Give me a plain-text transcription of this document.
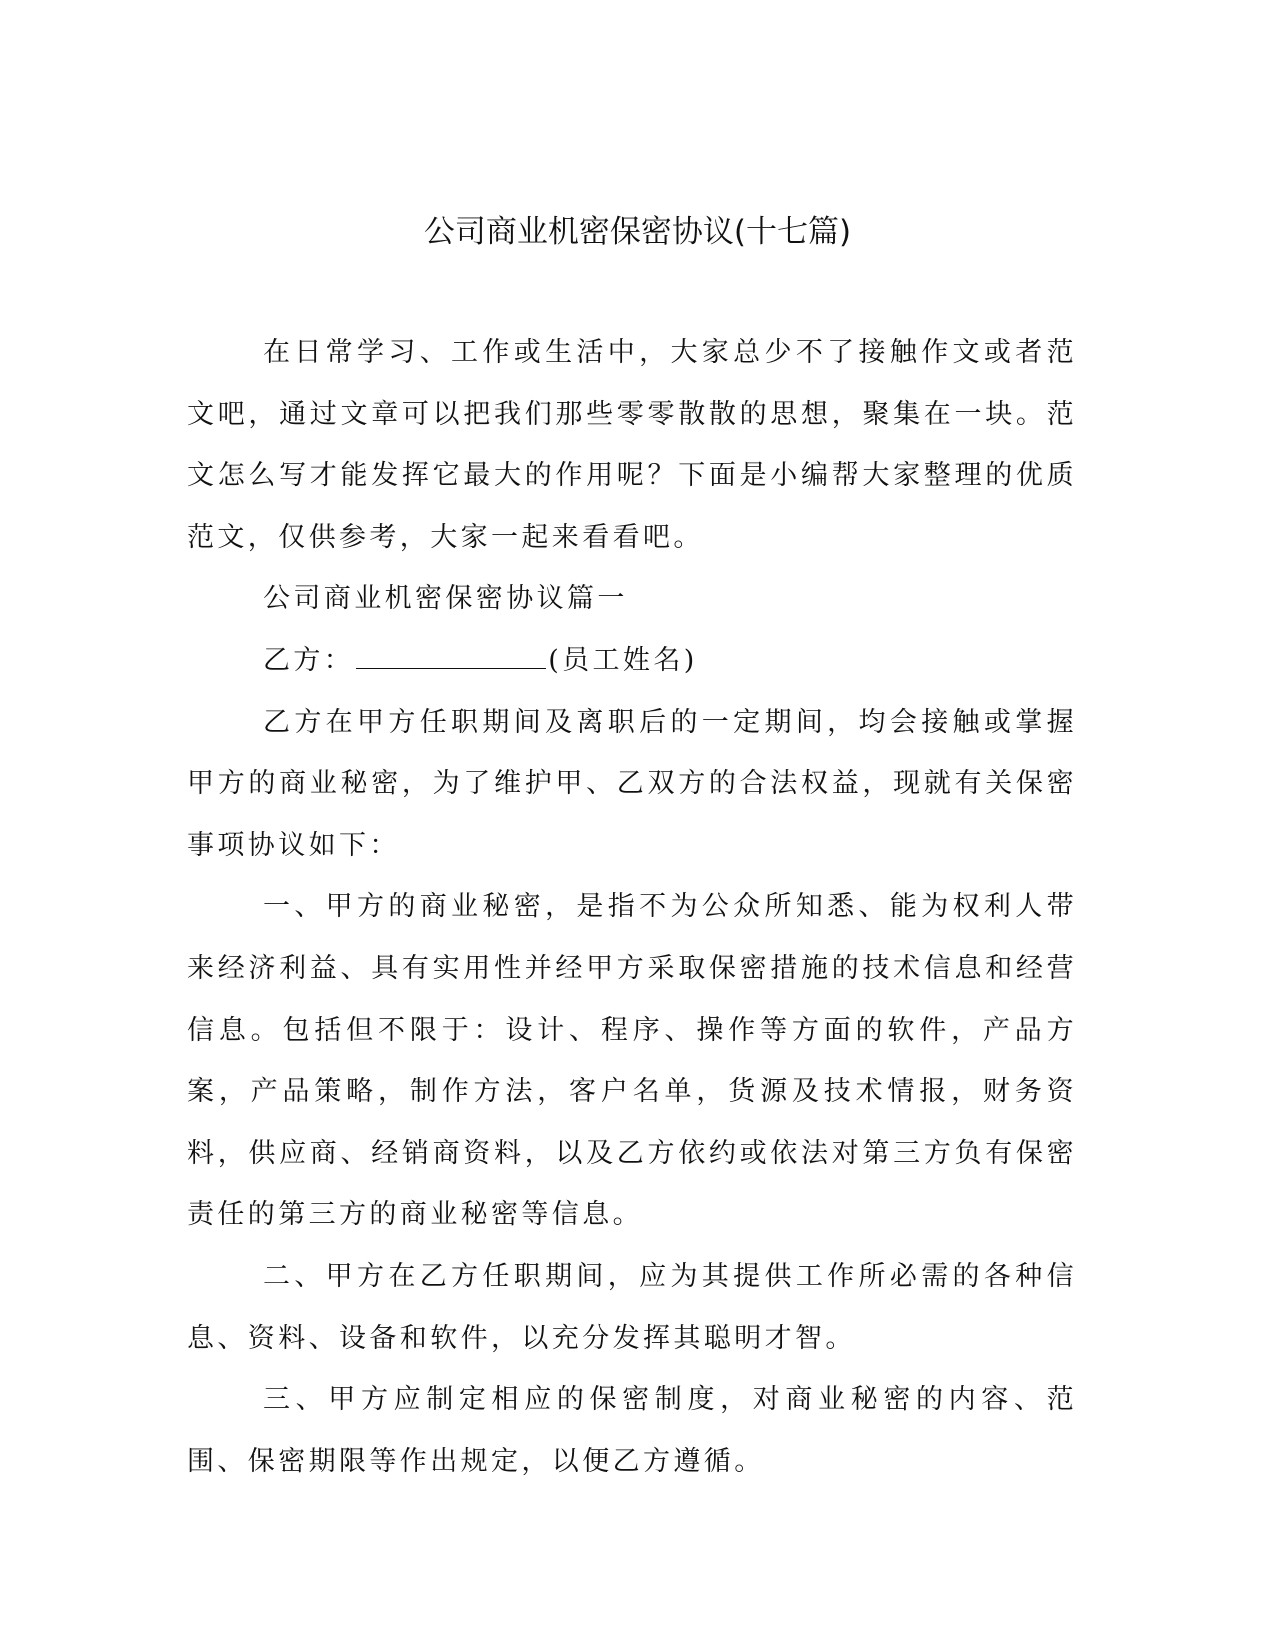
公司商业机密保密协议(十七篇)

在日常学习、工作或生活中，大家总少不了接触作文或者范文吧，通过文章可以把我们那些零零散散的思想，聚集在一块。范文怎么写才能发挥它最大的作用呢？下面是小编帮大家整理的优质范文，仅供参考，大家一起来看看吧。

公司商业机密保密协议篇一

乙方：	(员工姓名)

乙方在甲方任职期间及离职后的一定期间，均会接触或掌握甲方的商业秘密，为了维护甲、乙双方的合法权益，现就有关保密事项协议如下：

一、甲方的商业秘密，是指不为公众所知悉、能为权利人带来经济利益、具有实用性并经甲方采取保密措施的技术信息和经营信息。包括但不限于：设计、程序、操作等方面的软件，产品方案，产品策略，制作方法，客户名单，货源及技术情报，财务资料，供应商、经销商资料，以及乙方依约或依法对第三方负有保密责任的第三方的商业秘密等信息。

二、甲方在乙方任职期间，应为其提供工作所必需的各种信息、资料、设备和软件，以充分发挥其聪明才智。

三、甲方应制定相应的保密制度，对商业秘密的内容、范围、保密期限等作出规定，以便乙方遵循。
